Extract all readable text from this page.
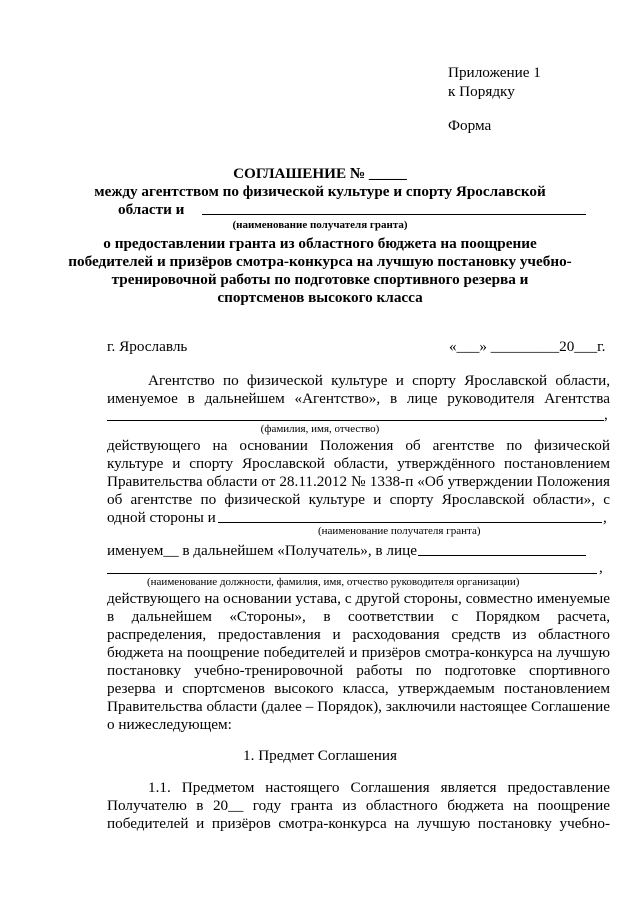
Приложение 1
к Порядку
Форма
СОГЛАШЕНИЕ № _____
между агентством по физической культуре и спорту Ярославской
области и
(наименование получателя гранта)
о предоставлении гранта из областного бюджета на поощрение
победителей и призёров смотра-конкурса на лучшую постановку учебно-
тренировочной работы по подготовке спортивного резерва и
спортсменов высокого класса
г. Ярославль	«___» _________20___г.
Агентство по физической культуре и спорту Ярославской области,
именуемое в дальнейшем «Агентство», в лице руководителя Агентства
,
(фамилия, имя, отчество)
действующего на основании Положения об агентстве по физической
культуре и спорту Ярославской области, утверждённого постановлением
Правительства области от 28.11.2012 № 1338-п «Об утверждении Положения
об агентстве по физической культуре и спорту Ярославской области», с
одной стороны и	,
(наименование получателя гранта)
именуем__ в дальнейшем «Получатель», в лице
,
(наименование должности, фамилия, имя, отчество руководителя организации)
действующего на основании устава, с другой стороны, совместно именуемые
в дальнейшем «Стороны», в соответствии с Порядком расчета,
распределения, предоставления и расходования средств из областного
бюджета на поощрение победителей и призёров смотра-конкурса на лучшую
постановку учебно-тренировочной работы по подготовке спортивного
резерва и спортсменов высокого класса, утверждаемым постановлением
Правительства области (далее – Порядок), заключили настоящее Соглашение
о нижеследующем:
1. Предмет Соглашения
1.1. Предметом настоящего Соглашения является предоставление
Получателю в 20__ году гранта из областного бюджета на поощрение
победителей и призёров смотра-конкурса на лучшую постановку учебно-
